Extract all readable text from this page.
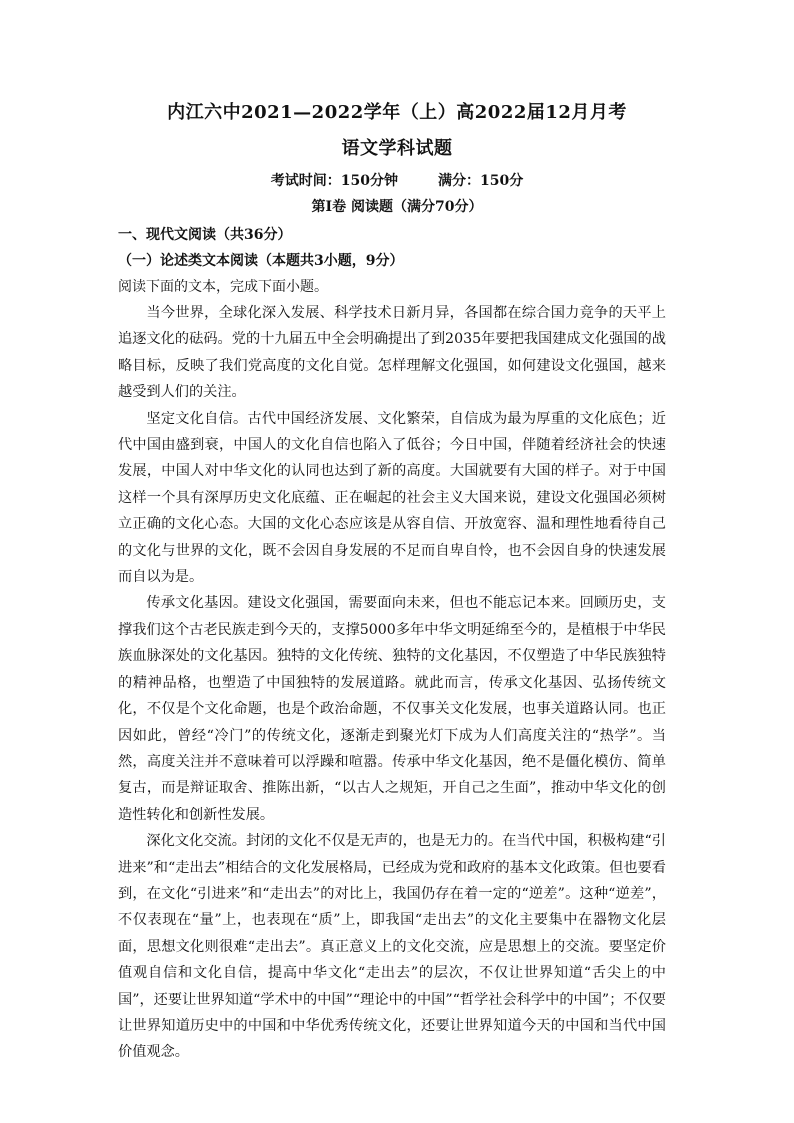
内江六中2021—2022学年（上）高2022届12月月考
语文学科试题
考试时间：150分钟	满分：150分
第Ⅰ卷 阅读题（满分70分）
一、现代文阅读（共36分）
（一）论述类文本阅读（本题共3小题，9分）
阅读下面的文本，完成下面小题。

当今世界，全球化深入发展、科学技术日新月异，各国都在综合国力竞争的天平上追逐文化的砝码。党的十九届五中全会明确提出了到2035年要把我国建成文化强国的战略目标，反映了我们党高度的文化自觉。怎样理解文化强国，如何建设文化强国，越来越受到人们的关注。

坚定文化自信。古代中国经济发展、文化繁荣，自信成为最为厚重的文化底色；近代中国由盛到衰，中国人的文化自信也陷入了低谷；今日中国，伴随着经济社会的快速发展，中国人对中华文化的认同也达到了新的高度。大国就要有大国的样子。对于中国这样一个具有深厚历史文化底蕴、正在崛起的社会主义大国来说，建设文化强国必须树立正确的文化心态。大国的文化心态应该是从容自信、开放宽容、温和理性地看待自己的文化与世界的文化，既不会因自身发展的不足而自卑自怜，也不会因自身的快速发展而自以为是。

传承文化基因。建设文化强国，需要面向未来，但也不能忘记本来。回顾历史，支撑我们这个古老民族走到今天的，支撑5000多年中华文明延绵至今的，是植根于中华民族血脉深处的文化基因。独特的文化传统、独特的文化基因，不仅塑造了中华民族独特的精神品格，也塑造了中国独特的发展道路。就此而言，传承文化基因、弘扬传统文化，不仅是个文化命题，也是个政治命题，不仅事关文化发展，也事关道路认同。也正因如此，曾经“冷门”的传统文化，逐渐走到聚光灯下成为人们高度关注的“热学”。当然，高度关注并不意味着可以浮躁和喧嚣。传承中华文化基因，绝不是僵化模仿、简单复古，而是辩证取舍、推陈出新，“以古人之规矩，开自己之生面”，推动中华文化的创造性转化和创新性发展。

深化文化交流。封闭的文化不仅是无声的，也是无力的。在当代中国，积极构建“引进来”和“走出去”相结合的文化发展格局，已经成为党和政府的基本文化政策。但也要看到，在文化“引进来”和“走出去”的对比上，我国仍存在着一定的“逆差”。这种“逆差”，不仅表现在“量”上，也表现在“质”上，即我国“走出去”的文化主要集中在器物文化层面，思想文化则很难“走出去”。真正意义上的文化交流，应是思想上的交流。要坚定价值观自信和文化自信，提高中华文化“走出去”的层次，不仅让世界知道“舌尖上的中国”，还要让世界知道“学术中的中国”“理论中的中国”“哲学社会科学中的中国”；不仅要让世界知道历史中的中国和中华优秀传统文化，还要让世界知道今天的中国和当代中国价值观念。
